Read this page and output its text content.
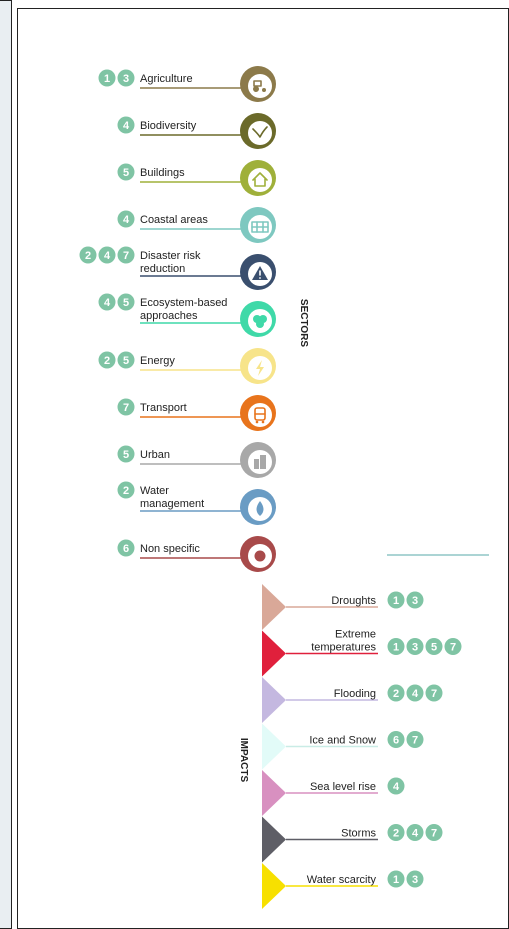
Agriculture
1 3
Biodiversity
4
Buildings
5
Coastal areas
4
Disaster risk reduction
2 4 7
Ecosystem-based approaches
4 5
Energy
2 5
Transport
7
Urban
5
Water management
2
Non specific
6
Droughts 1 3
Extreme temperatures 1 3 5 7
Flooding 2 4 7
Ice and Snow 6 7
Sea level rise 4
Storms 2 4 7
Water scarcity 1 3
SECTORS
IMPACTS
